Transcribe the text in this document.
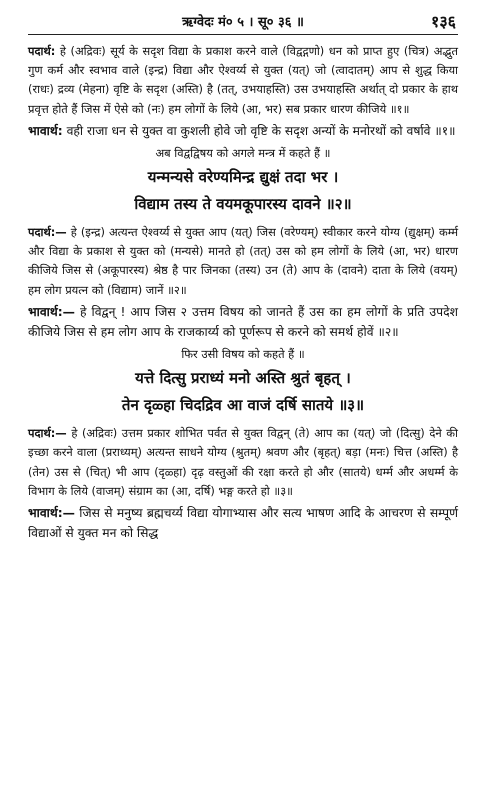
ऋग्वेदः मं० ५ । सू० ३६ ॥	१३६

पदार्थ: हे (अद्रिवः) सूर्य के सदृश विद्या के प्रकाश करने वाले (विद्वद्गणो) धन को प्राप्त हुए (चित्र) अद्भुत गुण कर्म और स्वभाव वाले (इन्द्र) विद्या और ऐश्वर्य्य से युक्त (यत्) जो (त्वादातम्) आप से शुद्ध किया (राधः) द्रव्य (मेहना) वृष्टि के सदृश (अस्ति) है (तत्, उभयाहस्ति) उस उभयाहस्ति अर्थात् दो प्रकार के हाथ प्रवृत्त होते हैं जिस में ऐसे को (नः) हम लोगों के लिये (आ, भर) सब प्रकार धारण कीजिये ॥१॥

भावार्थ: वही राजा धन से युक्त वा कुशली होवे जो वृष्टि के सदृश अन्यों के मनोरथों को वर्षावे ॥१॥

अब विद्वद्विषय को अगले मन्त्र में कहते हैं ॥

यन्मन्यसे वरेण्यमिन्द्र द्युक्षं तदा भर ।

विद्याम तस्य ते वयमकूपारस्य दावने ॥२॥

पदार्थ:— हे (इन्द्र) अत्यन्त ऐश्वर्य्य से युक्त आप (यत्) जिस (वरेण्यम्) स्वीकार करने योग्य (द्युक्षम्) कर्म्म और विद्या के प्रकाश से युक्त को (मन्यसे) मानते हो (तत्) उस को हम लोगों के लिये (आ, भर) धारण कीजिये जिस से (अकूपारस्य) श्रेष्ठ है पार जिनका (तस्य) उन (ते) आप के (दावने) दाता के लिये (वयम्) हम लोग प्रयत्न को (विद्याम) जानें ॥२॥

भावार्थ:— हे विद्वन् ! आप जिस २ उत्तम विषय को जानते हैं उस का हम लोगों के प्रति उपदेश कीजिये जिस से हम लोग आप के राजकार्य्य को पूर्णरूप से करने को समर्थ होवें ॥२॥

फिर उसी विषय को कहते हैं ॥

यत्ते दित्सु प्रराध्यं मनो अस्ति श्रुतं बृहत् ।

तेन दृळ्हा चिदद्रिव आ वाजं दर्षि सातये ॥३॥

पदार्थ:— हे (अद्रिवः) उत्तम प्रकार शोभित पर्वत से युक्त विद्वन् (ते) आप का (यत्) जो (दित्सु) देने की इच्छा करने वाला (प्रराध्यम्) अत्यन्त साधने योग्य (श्रुतम्) श्रवण और (बृहत्) बड़ा (मनः) चित्त (अस्ति) है (तेन) उस से (चित्) भी आप (दृळ्हा) दृढ़ वस्तुओं की रक्षा करते हो और (सातये) धर्म्म और अधर्म्म के विभाग के लिये (वाजम्) संग्राम का (आ, दर्षि) भङ्ग करते हो ॥३॥

भावार्थ:— जिस से मनुष्य ब्रह्मचर्य्य विद्या योगाभ्यास और सत्य भाषण आदि के आचरण से सम्पूर्ण विद्याओं से युक्त मन को सिद्ध
